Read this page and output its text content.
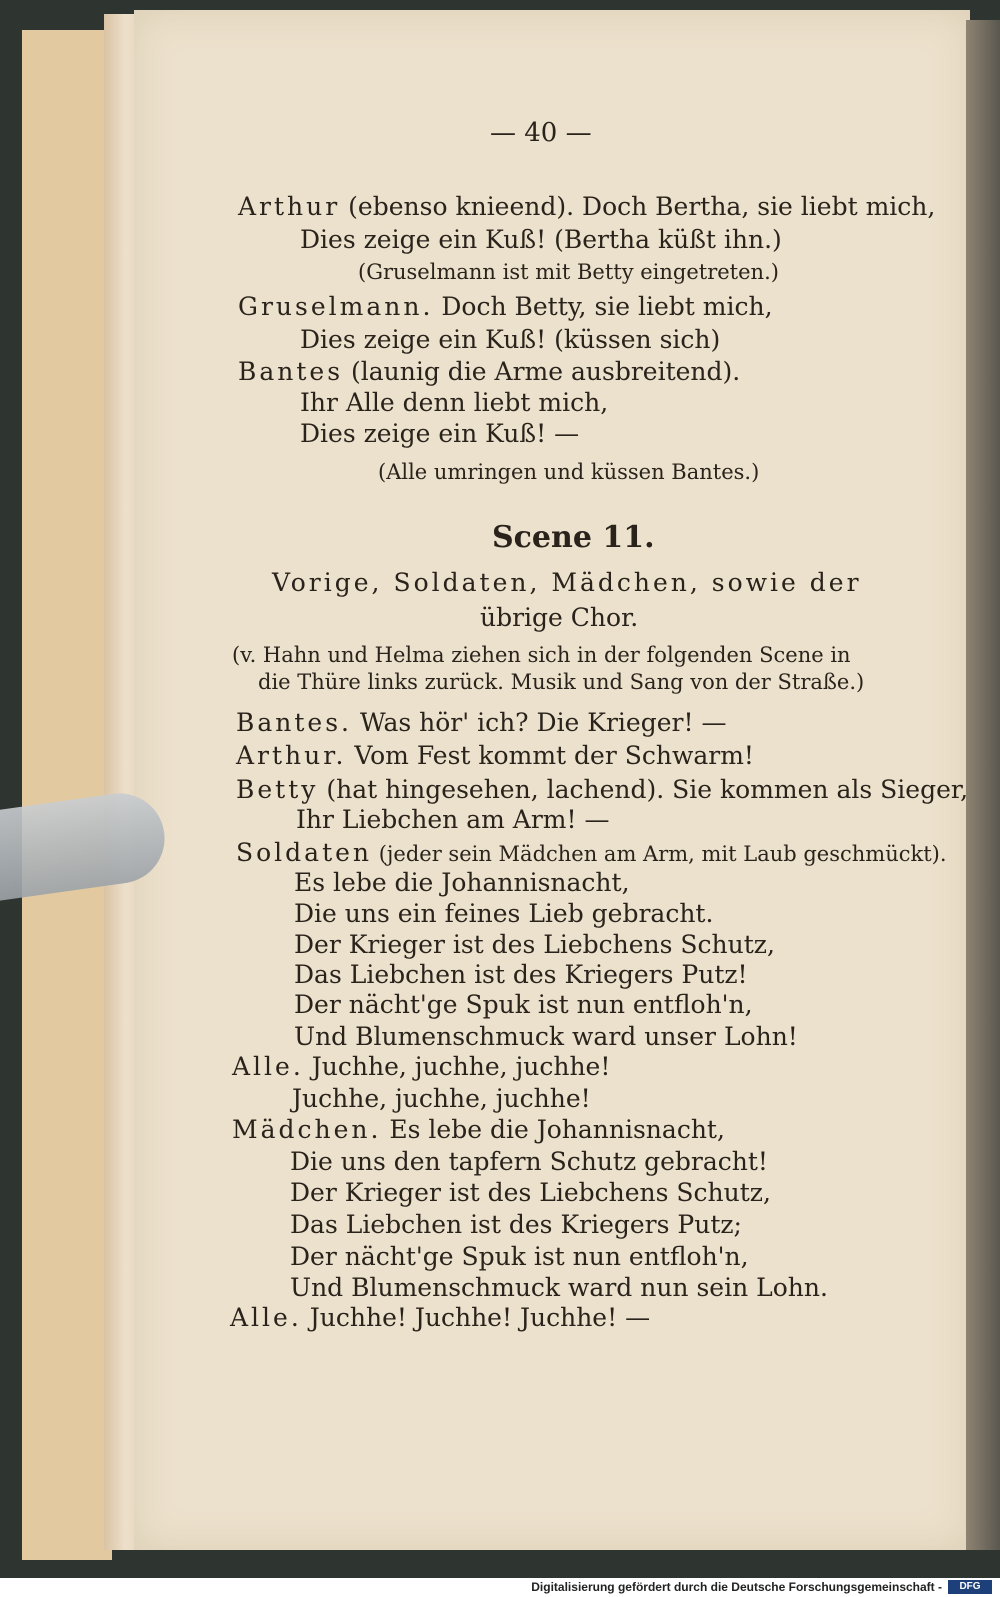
— 40 —
Arthur (ebenso knieend). Doch Bertha, sie liebt mich,
Dies zeige ein Kuß! (Bertha küßt ihn.)
(Gruselmann ist mit Betty eingetreten.)
Gruselmann. Doch Betty, sie liebt mich,
Dies zeige ein Kuß! (küssen sich)
Bantes (launig die Arme ausbreitend).
Ihr Alle denn liebt mich,
Dies zeige ein Kuß! —
(Alle umringen und küssen Bantes.)
Scene 11.
Vorige, Soldaten, Mädchen, sowie der
übrige Chor.
(v. Hahn und Helma ziehen sich in der folgenden Scene in
die Thüre links zurück. Musik und Sang von der Straße.)
Bantes. Was hör' ich? Die Krieger! —
Arthur. Vom Fest kommt der Schwarm!
Betty (hat hingesehen, lachend). Sie kommen als Sieger,
Ihr Liebchen am Arm! —
Soldaten (jeder sein Mädchen am Arm, mit Laub geschmückt).
Es lebe die Johannisnacht,
Die uns ein feines Lieb gebracht.
Der Krieger ist des Liebchens Schutz,
Das Liebchen ist des Kriegers Putz!
Der nächt'ge Spuk ist nun entfloh'n,
Und Blumenschmuck ward unser Lohn!
Alle. Juchhe, juchhe, juchhe!
Juchhe, juchhe, juchhe!
Mädchen. Es lebe die Johannisnacht,
Die uns den tapfern Schutz gebracht!
Der Krieger ist des Liebchens Schutz,
Das Liebchen ist des Kriegers Putz;
Der nächt'ge Spuk ist nun entfloh'n,
Und Blumenschmuck ward nun sein Lohn.
Alle. Juchhe! Juchhe! Juchhe! —
Digitalisierung gefördert durch die Deutsche Forschungsgemeinschaft -	DFG
